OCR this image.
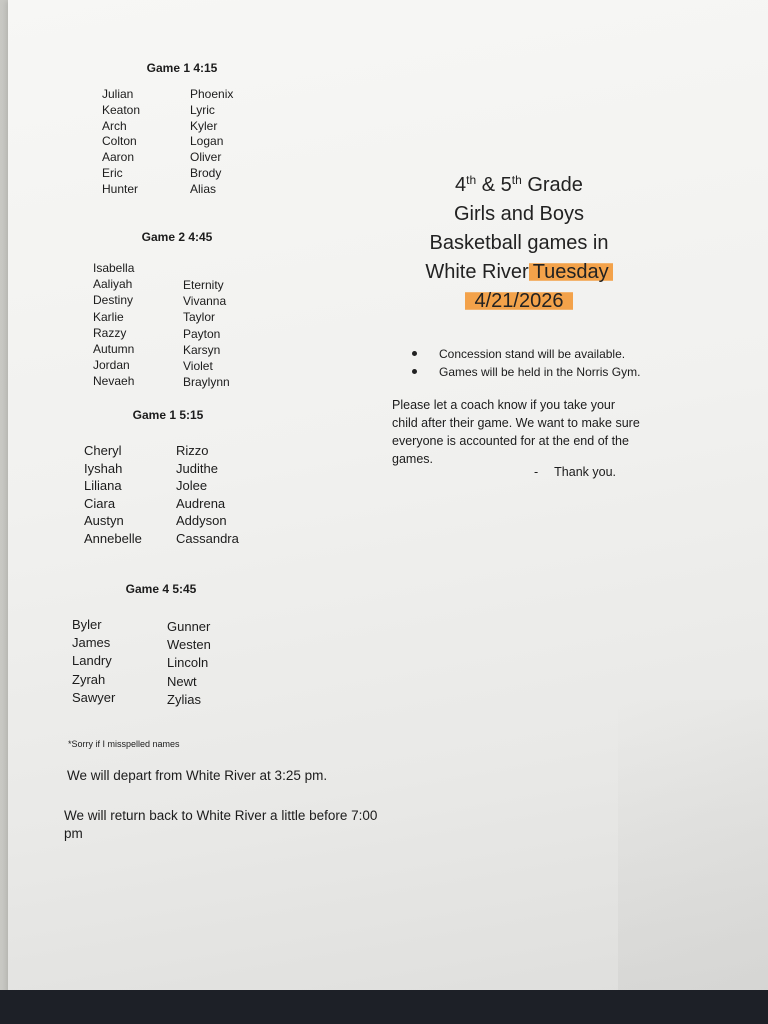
Game 1 4:15
Julian
Keaton
Arch
Colton
Aaron
Eric
Hunter
Phoenix
Lyric
Kyler
Logan
Oliver
Brody
Alias
Game 2 4:45
Isabella
Aaliyah
Destiny
Karlie
Razzy
Autumn
Jordan
Nevaeh
Eternity
Vivanna
Taylor
Payton
Karsyn
Violet
Braylynn
Game 1 5:15
Cheryl
Iyshah
Liliana
Ciara
Austyn
Annebelle
Rizzo
Judithe
Jolee
Audrena
Addyson
Cassandra
Game 4 5:45
Byler
James
Landry
Zyrah
Sawyer
Gunner
Westen
Lincoln
Newt
Zylias
4th & 5th Grade
Girls and Boys
Basketball games in
White River Tuesday
4/21/2026
Concession stand will be available.
Games will be held in the Norris Gym.
Please let a coach know if you take your child after their game. We want to make sure everyone is accounted for at the end of the games.
- Thank you.
*Sorry if I misspelled names
We will depart from White River at 3:25 pm.
We will return back to White River a little before 7:00 pm
